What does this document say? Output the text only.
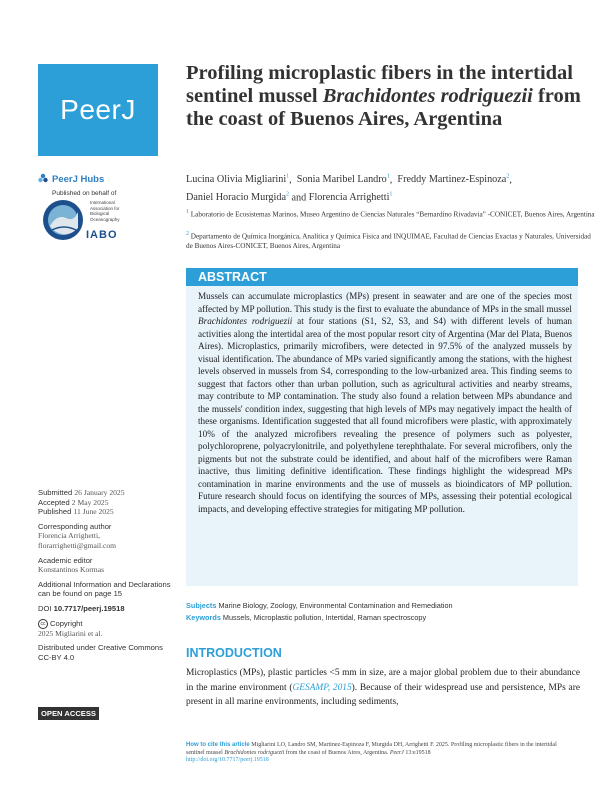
PeerJ
PeerJ Hubs
Published on behalf of
International
Association for
Biological
Oceanography
IABO
Profiling microplastic fibers in the intertidal sentinel mussel Brachidontes rodriguezii from the coast of Buenos Aires, Argentina
Lucina Olivia Migliarini$^1$,  Sonia Maribel Landro$^1$,  Freddy Martinez-Espinoza$^2$,
Daniel Horacio Murgida$^2$ and Florencia Arrighetti$^1$
$^1$ Laboratorio de Ecosistemas Marinos, Museo Argentino de Ciencias Naturales “Bernardino Rivadavia” -CONICET, Buenos Aires, Argentina
$^2$ Departamento de Química Inorgánica, Analítica y Química Física and INQUIMAE, Facultad de Ciencias Exactas y Naturales, Universidad de Buenos Aires-CONICET, Buenos Aires, Argentina
ABSTRACT

Mussels can accumulate microplastics (MPs) present in seawater and are one of the species most affected by MP pollution. This study is the first to evaluate the abundance of MPs in the small mussel Brachidontes rodriguezii at four stations (S1, S2, S3, and S4) with different levels of human activities along the intertidal area of the most popular resort city of Argentina (Mar del Plata, Buenos Aires). Microplastics, primarily microfibers, were detected in 97.5% of the analyzed mussels by visual identification. The abundance of MPs varied significantly among the stations, with the highest levels observed in mussels from S4, corresponding to the low-urbanized area. This finding seems to suggest that factors other than urban pollution, such as agricultural activities and nearby streams, may contribute to MP contamination. The study also found a relation between MPs abundance and the mussels' condition index, suggesting that high levels of MPs may negatively impact the health of these organisms. Identification suggested that all found microfibers were plastic, with approximately 10% of the analyzed microfibers revealing the presence of polymers such as polyester, polychloroprene, polyacrylonitrile, and polyethylene terephthalate. For several microfibers, only the pigments but not the substrate could be identified, and about half of the microfibers were Raman inactive, thus limiting definitive identification. These findings highlight the widespread MPs contamination in marine environments and the use of mussels as bioindicators of MP pollution. Future research should focus on identifying the sources of MPs, assessing their potential ecological impacts, and developing effective strategies for mitigating MP pollution.

Subjects Marine Biology, Zoology, Environmental Contamination and Remediation
Keywords Mussels, Microplastic pollution, Intertidal, Raman spectroscopy
INTRODUCTION

Microplastics (MPs), plastic particles <5 mm in size, are a major global problem due to their abundance in the marine environment (GESAMP, 2015). Because of their widespread use and persistence, MPs are present in all marine environments, including sediments,

Submitted 26 January 2025
Accepted 2 May 2025
Published 11 June 2025
Corresponding author
Florencia Arrighetti,
florarrighetti@gmail.com
Academic editor
Konstantinos Kormas
Additional Information and Declarations can be found on page 15
DOI 10.7717/peerj.19518
cc Copyright
2025 Migliarini et al.
Distributed under Creative Commons CC-BY 4.0
OPEN ACCESS
How to cite this article Migliarini LO, Landro SM, Martinez-Espinoza F, Murgida DH, Arrighetti F. 2025. Profiling microplastic fibers in the intertidal sentinel mussel Brachidontes rodriguezii from the coast of Buenos Aires, Argentina. PeerJ 13:e19518
http://doi.org/10.7717/peerj.19518
